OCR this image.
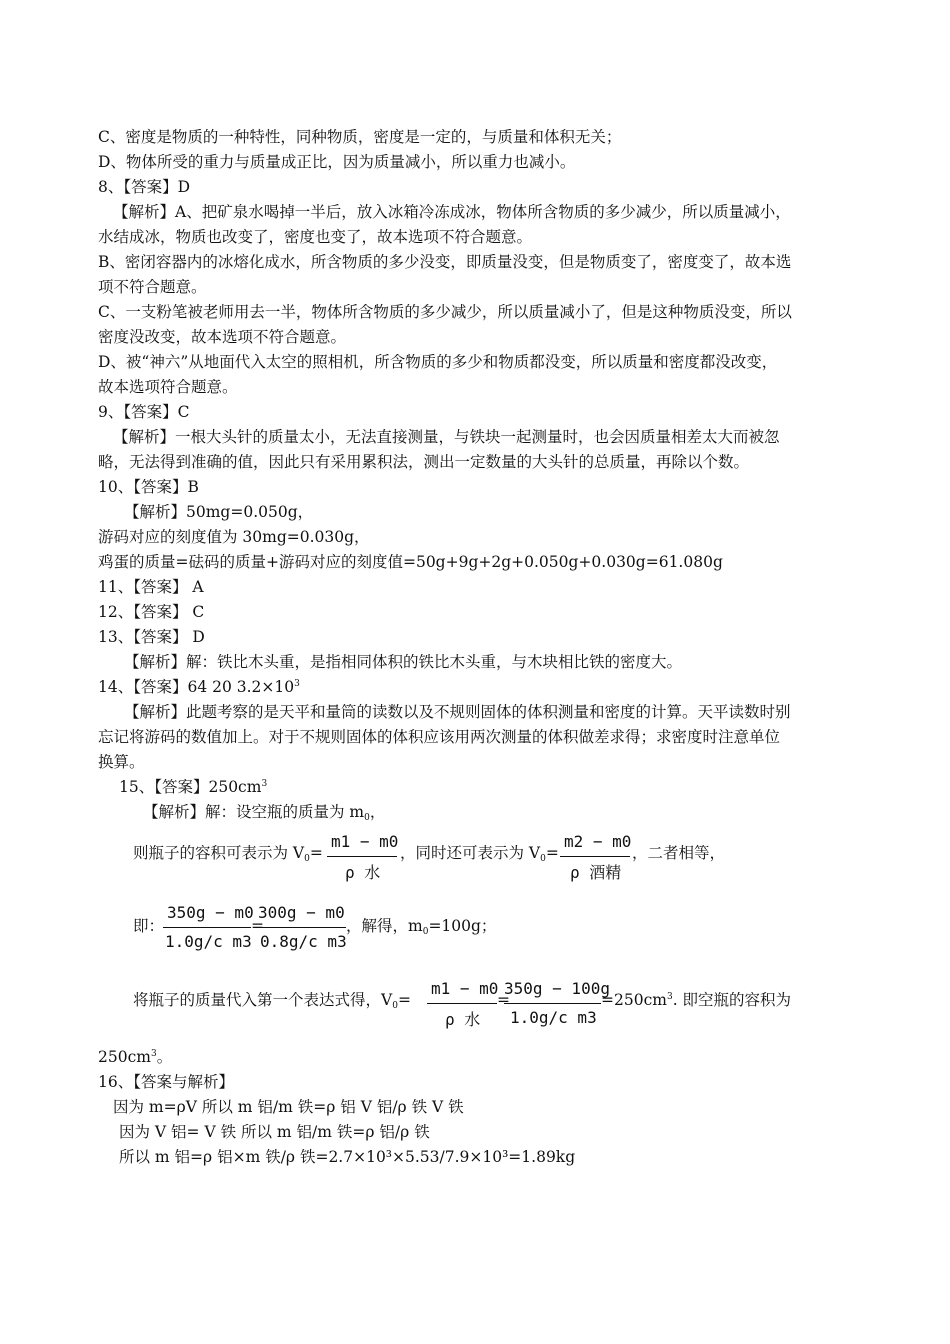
C、密度是物质的一种特性，同种物质，密度是一定的，与质量和体积无关；
D、物体所受的重力与质量成正比，因为质量减小，所以重力也减小。
8、【答案】D
【解析】A、把矿泉水喝掉一半后，放入冰箱冷冻成冰，物体所含物质的多少减少，所以质量减小，
水结成冰，物质也改变了，密度也变了，故本选项不符合题意。
B、密闭容器内的冰熔化成水，所含物质的多少没变，即质量没变，但是物质变了，密度变了，故本选
项不符合题意。
C、一支粉笔被老师用去一半，物体所含物质的多少减少，所以质量减小了，但是这种物质没变，所以
密度没改变，故本选项不符合题意。
D、被“神六”从地面代入太空的照相机，所含物质的多少和物质都没变，所以质量和密度都没改变，
故本选项符合题意。
9、【答案】C
【解析】一根大头针的质量太小，无法直接测量，与铁块一起测量时，也会因质量相差太大而被忽
略，无法得到准确的值，因此只有采用累积法，测出一定数量的大头针的总质量，再除以个数。
10、【答案】B
【解析】50mg=0.050g，
游码对应的刻度值为 30mg=0.030g，
鸡蛋的质量=砝码的质量+游码对应的刻度值=50g+9g+2g+0.050g+0.030g=61.080g
11、【答案】 A
12、【答案】 C
13、【答案】 D
【解析】解：铁比木头重，是指相同体积的铁比木头重，与木块相比铁的密度大。
14、【答案】64 20 $3.2\times 10^3$
【解析】此题考察的是天平和量筒的读数以及不规则固体的体积测量和密度的计算。天平读数时别
忘记将游码的数值加上。对于不规则固体的体积应该用两次测量的体积做差求得；求密度时注意单位
换算。
15、【答案】$250cm^3$
【解析】解：设空瓶的质量为 $m_0$，
则瓶子的容积可表示为 $V_0=$
m1 − m0
ρ 水
，同时还可表示为 $V_0=$
m2 − m0
ρ 酒精
，二者相等，
即：
350g − m0
1.0g/c m3
=
300g − m0
0.8g/c m3
，解得，$m_0=100g$；
将瓶子的质量代入第一个表达式得，$V_0=$
m1 − m0
ρ 水
=
350g − 100g
1.0g/c m3
$=250cm^3$. 即空瓶的容积为
$250cm^3$。
16、【答案与解析】
因为 m=ρV 所以 m 铝/m 铁=ρ 铝 V 铝/ρ 铁 V 铁
因为 V 铝= V 铁 所以 m 铝/m 铁=ρ 铝/ρ 铁
所以 m 铝=ρ 铝×m 铁/ρ 铁=2.7×10³×5.53/7.9×10³=1.89kg
